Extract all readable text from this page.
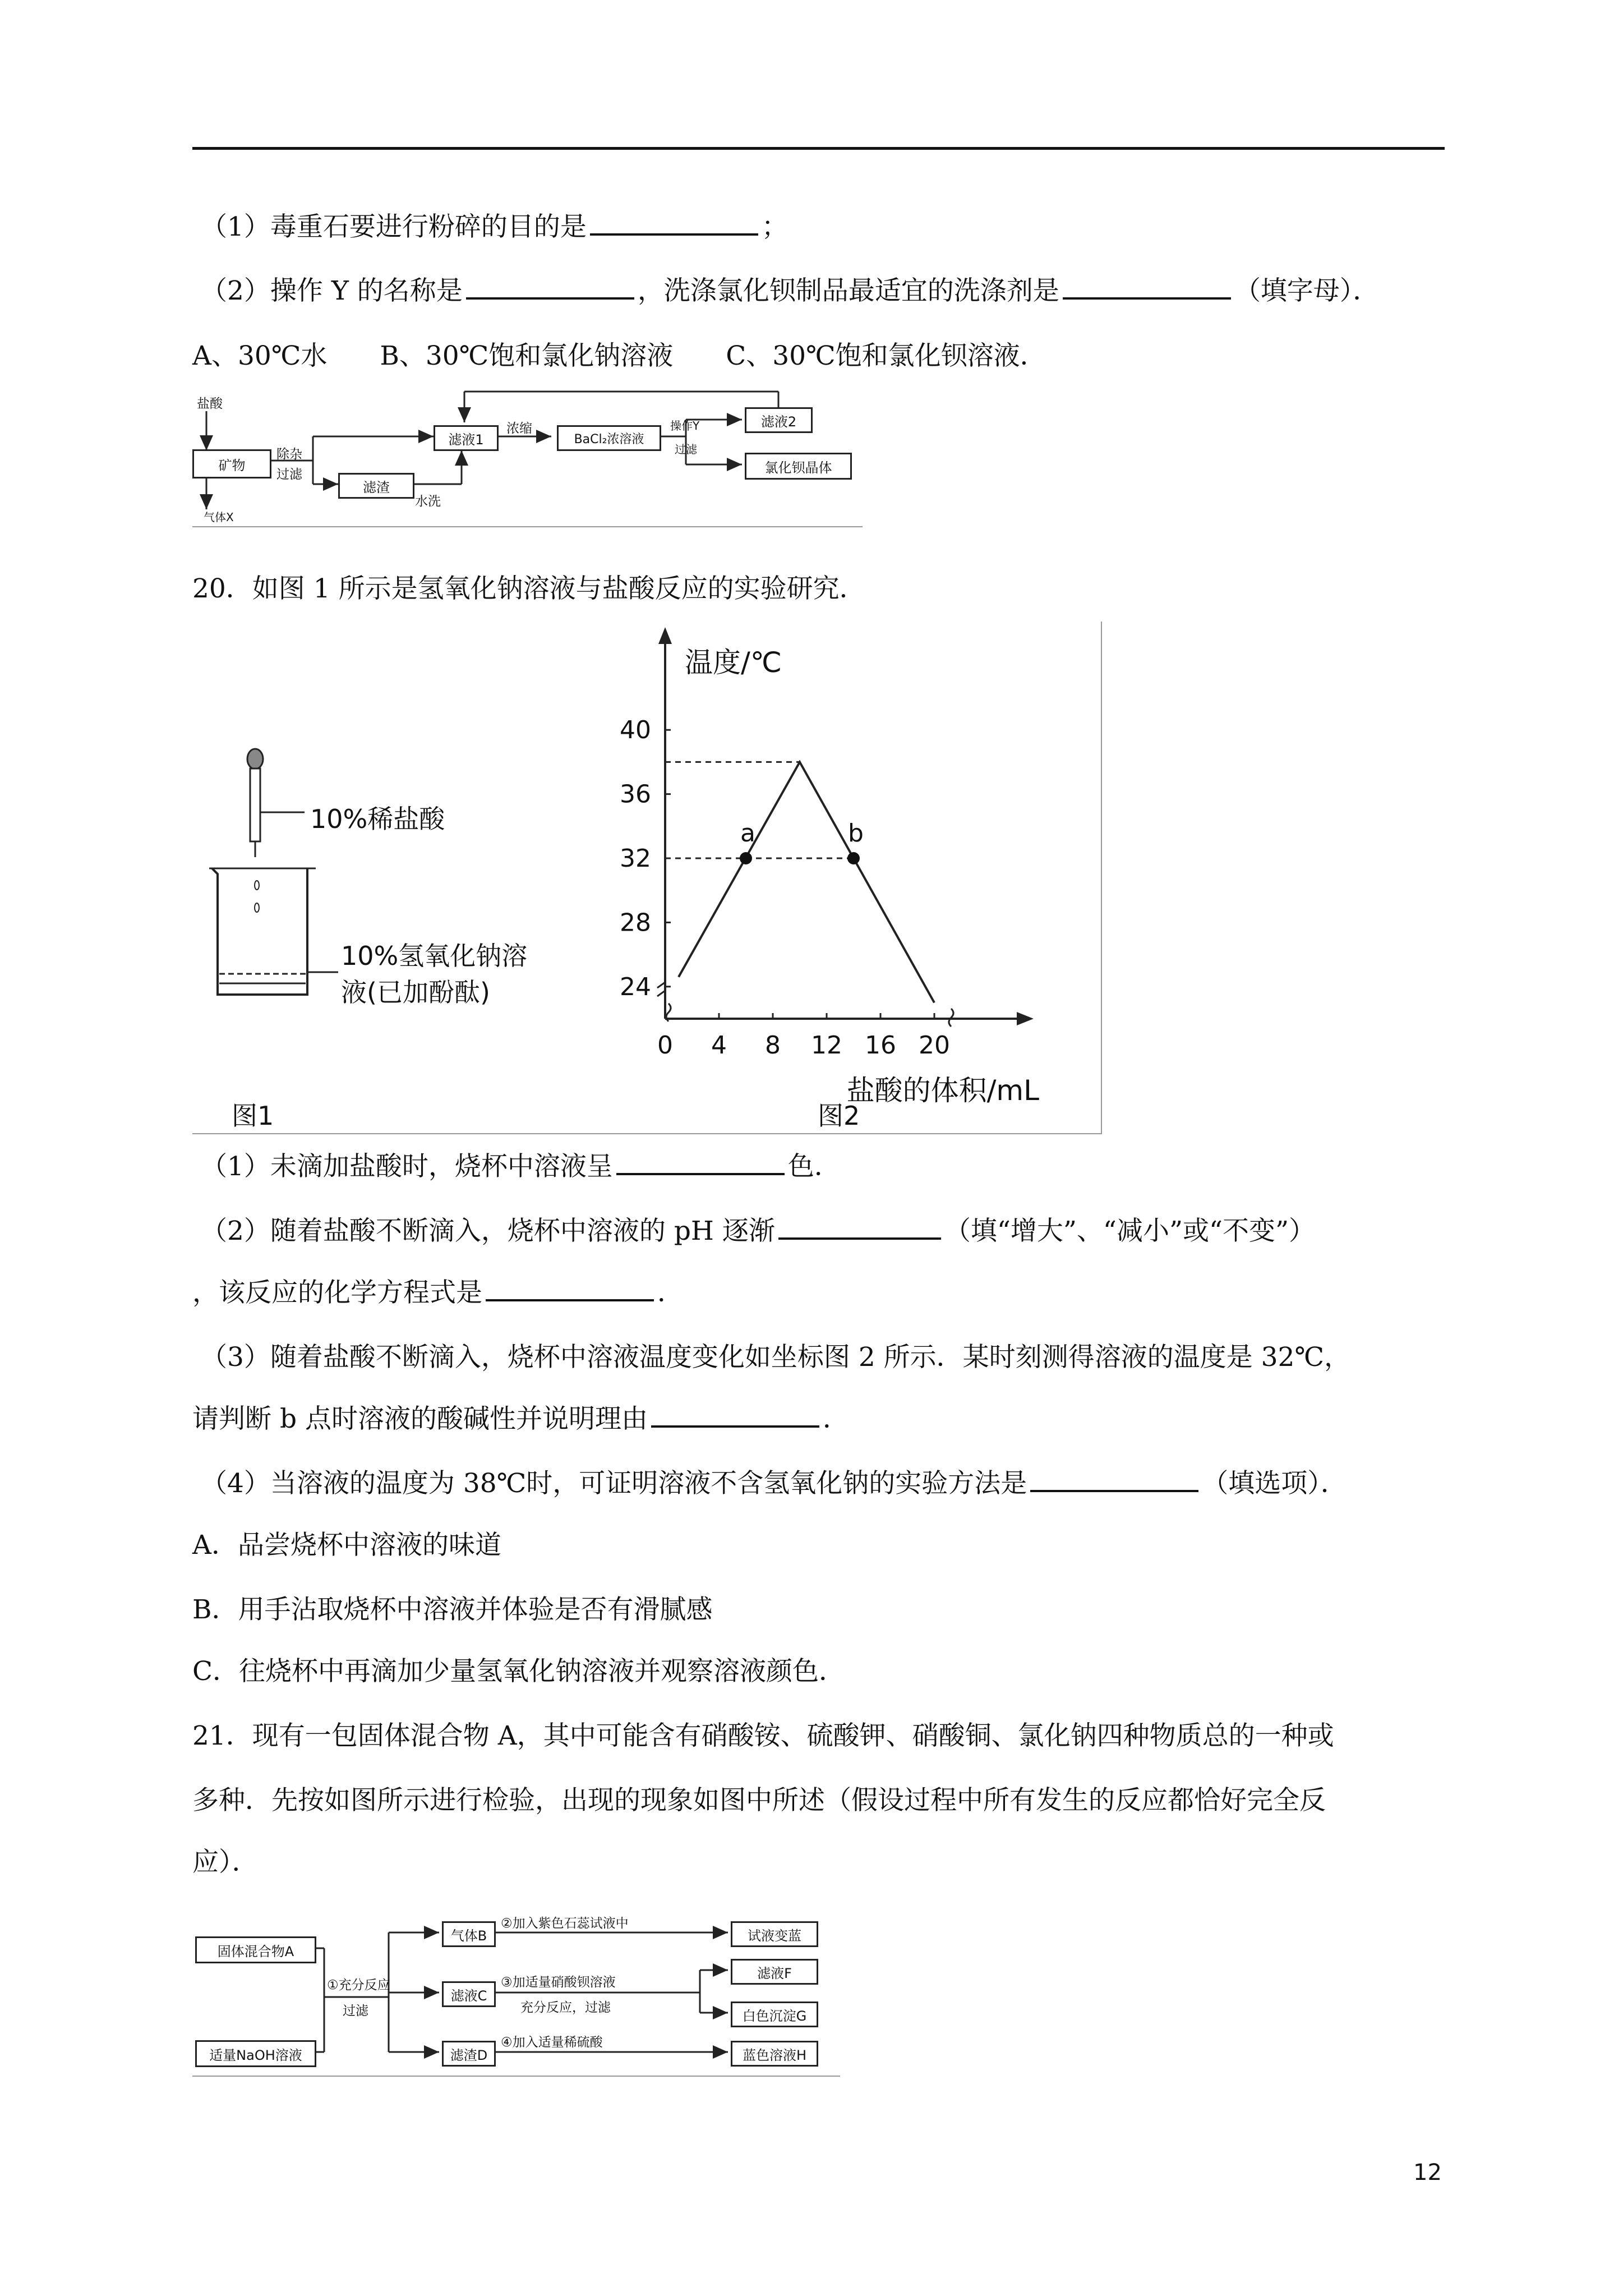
（1）毒重石要进行粉碎的目的是	；
（2）操作 Y 的名称是	，洗涤氯化钡制品最适宜的洗涤剂是	（填字母）．
A、30℃水　　B、30℃饱和氯化钠溶液　　C、30℃饱和氯化钡溶液．
盐酸
矿物
气体X
除杂
过滤
滤渣
水洗
滤液1
浓缩
BaCl₂浓溶液
操作Y
过滤
滤液2
氯化钡晶体
20．如图 1 所示是氢氧化钠溶液与盐酸反应的实验研究．
10%稀盐酸
10%氢氧化钠溶
液(已加酚酞)
图1
24
28
32
36
40
0 4 8 12 16 20
温度/℃
盐酸的体积/mL
a	b
图2
（1）未滴加盐酸时，烧杯中溶液呈	色．
（2）随着盐酸不断滴入，烧杯中溶液的 pH 逐渐	（填“增大”、“减小”或“不变”）
，该反应的化学方程式是	．
（3）随着盐酸不断滴入，烧杯中溶液温度变化如坐标图 2 所示．某时刻测得溶液的温度是 32℃，
请判断 b 点时溶液的酸碱性并说明理由	．
（4）当溶液的温度为 38℃时，可证明溶液不含氢氧化钠的实验方法是	（填选项）．
A．品尝烧杯中溶液的味道
B．用手沾取烧杯中溶液并体验是否有滑腻感
C．往烧杯中再滴加少量氢氧化钠溶液并观察溶液颜色．
21．现有一包固体混合物 A，其中可能含有硝酸铵、硫酸钾、硝酸铜、氯化钠四种物质总的一种或
多种．先按如图所示进行检验，出现的现象如图中所述（假设过程中所有发生的反应都恰好完全反
应）．
固体混合物A
适量NaOH溶液
①充分反应
过滤
气体B
滤液C
滤渣D
②加入紫色石蕊试液中
③加适量硝酸钡溶液
充分反应，过滤
④加入适量稀硫酸
试液变蓝
滤液F
白色沉淀G
蓝色溶液H
12
